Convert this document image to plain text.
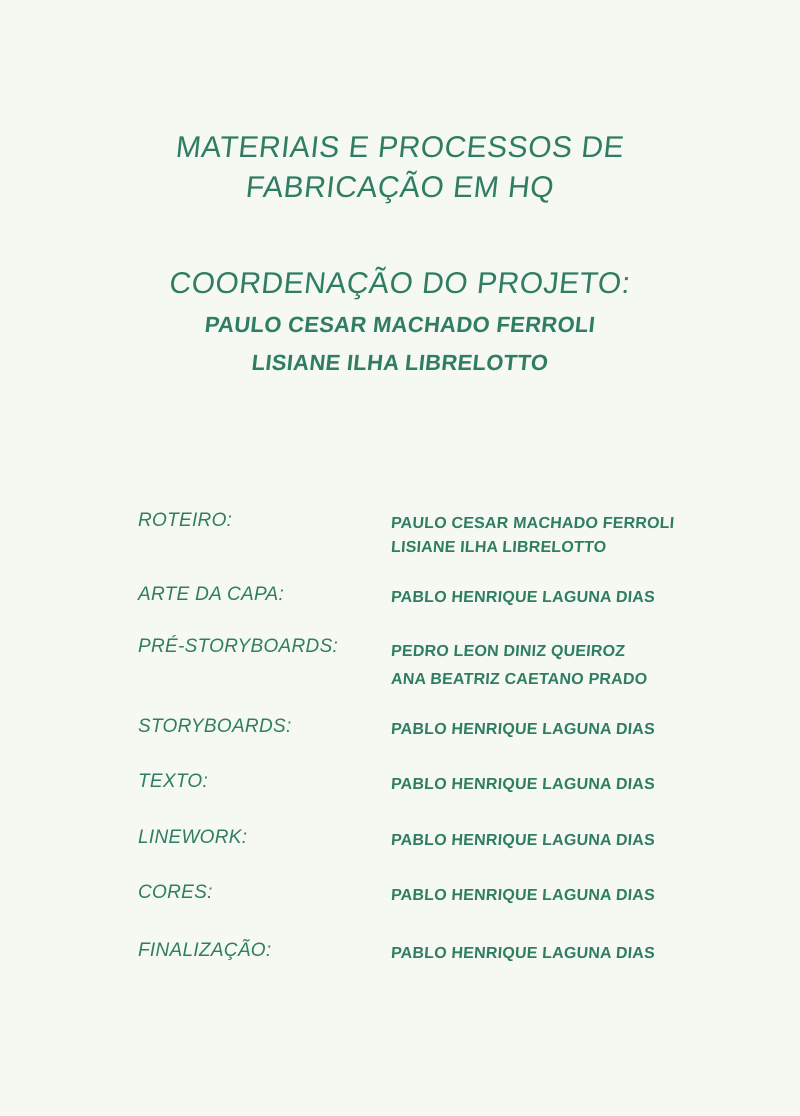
MATERIAIS E PROCESSOS DE
FABRICAÇÃO EM HQ
COORDENAÇÃO DO PROJETO:
PAULO CESAR MACHADO FERROLI
LISIANE ILHA LIBRELOTTO
ROTEIRO:	PAULO CESAR MACHADO FERROLI
LISIANE ILHA LIBRELOTTO
ARTE DA CAPA:	PABLO HENRIQUE LAGUNA DIAS
PRÉ-STORYBOARDS:	PEDRO LEON DINIZ QUEIROZ
ANA BEATRIZ CAETANO PRADO
STORYBOARDS:	PABLO HENRIQUE LAGUNA DIAS
TEXTO:	PABLO HENRIQUE LAGUNA DIAS
LINEWORK:	PABLO HENRIQUE LAGUNA DIAS
CORES:	PABLO HENRIQUE LAGUNA DIAS
FINALIZAÇÃO:	PABLO HENRIQUE LAGUNA DIAS
